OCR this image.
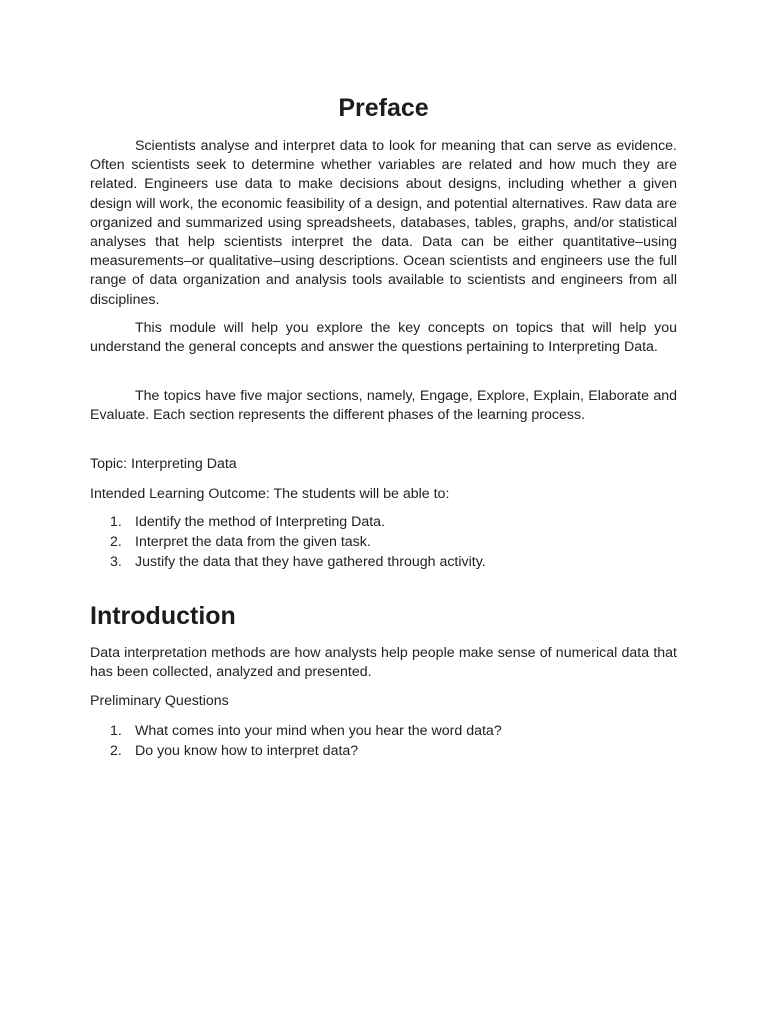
Preface

Scientists analyse and interpret data to look for meaning that can serve as evidence. Often scientists seek to determine whether variables are related and how much they are related. Engineers use data to make decisions about designs, including whether a given design will work, the economic feasibility of a design, and potential alternatives. Raw data are organized and summarized using spreadsheets, databases, tables, graphs, and/or statistical analyses that help scientists interpret the data. Data can be either quantitative–using measurements–or qualitative–using descriptions. Ocean scientists and engineers use the full range of data organization and analysis tools available to scientists and engineers from all disciplines.

This module will help you explore the key concepts on topics that will help you understand the general concepts and answer the questions pertaining to Interpreting Data.

The topics have five major sections, namely, Engage, Explore, Explain, Elaborate and Evaluate. Each section represents the different phases of the learning process.

Topic: Interpreting Data

Intended Learning Outcome: The students will be able to:

1. Identify the method of Interpreting Data.
2. Interpret the data from the given task.
3. Justify the data that they have gathered through activity.
Introduction

Data interpretation methods are how analysts help people make sense of numerical data that has been collected, analyzed and presented.

Preliminary Questions

1. What comes into your mind when you hear the word data?
2. Do you know how to interpret data?
